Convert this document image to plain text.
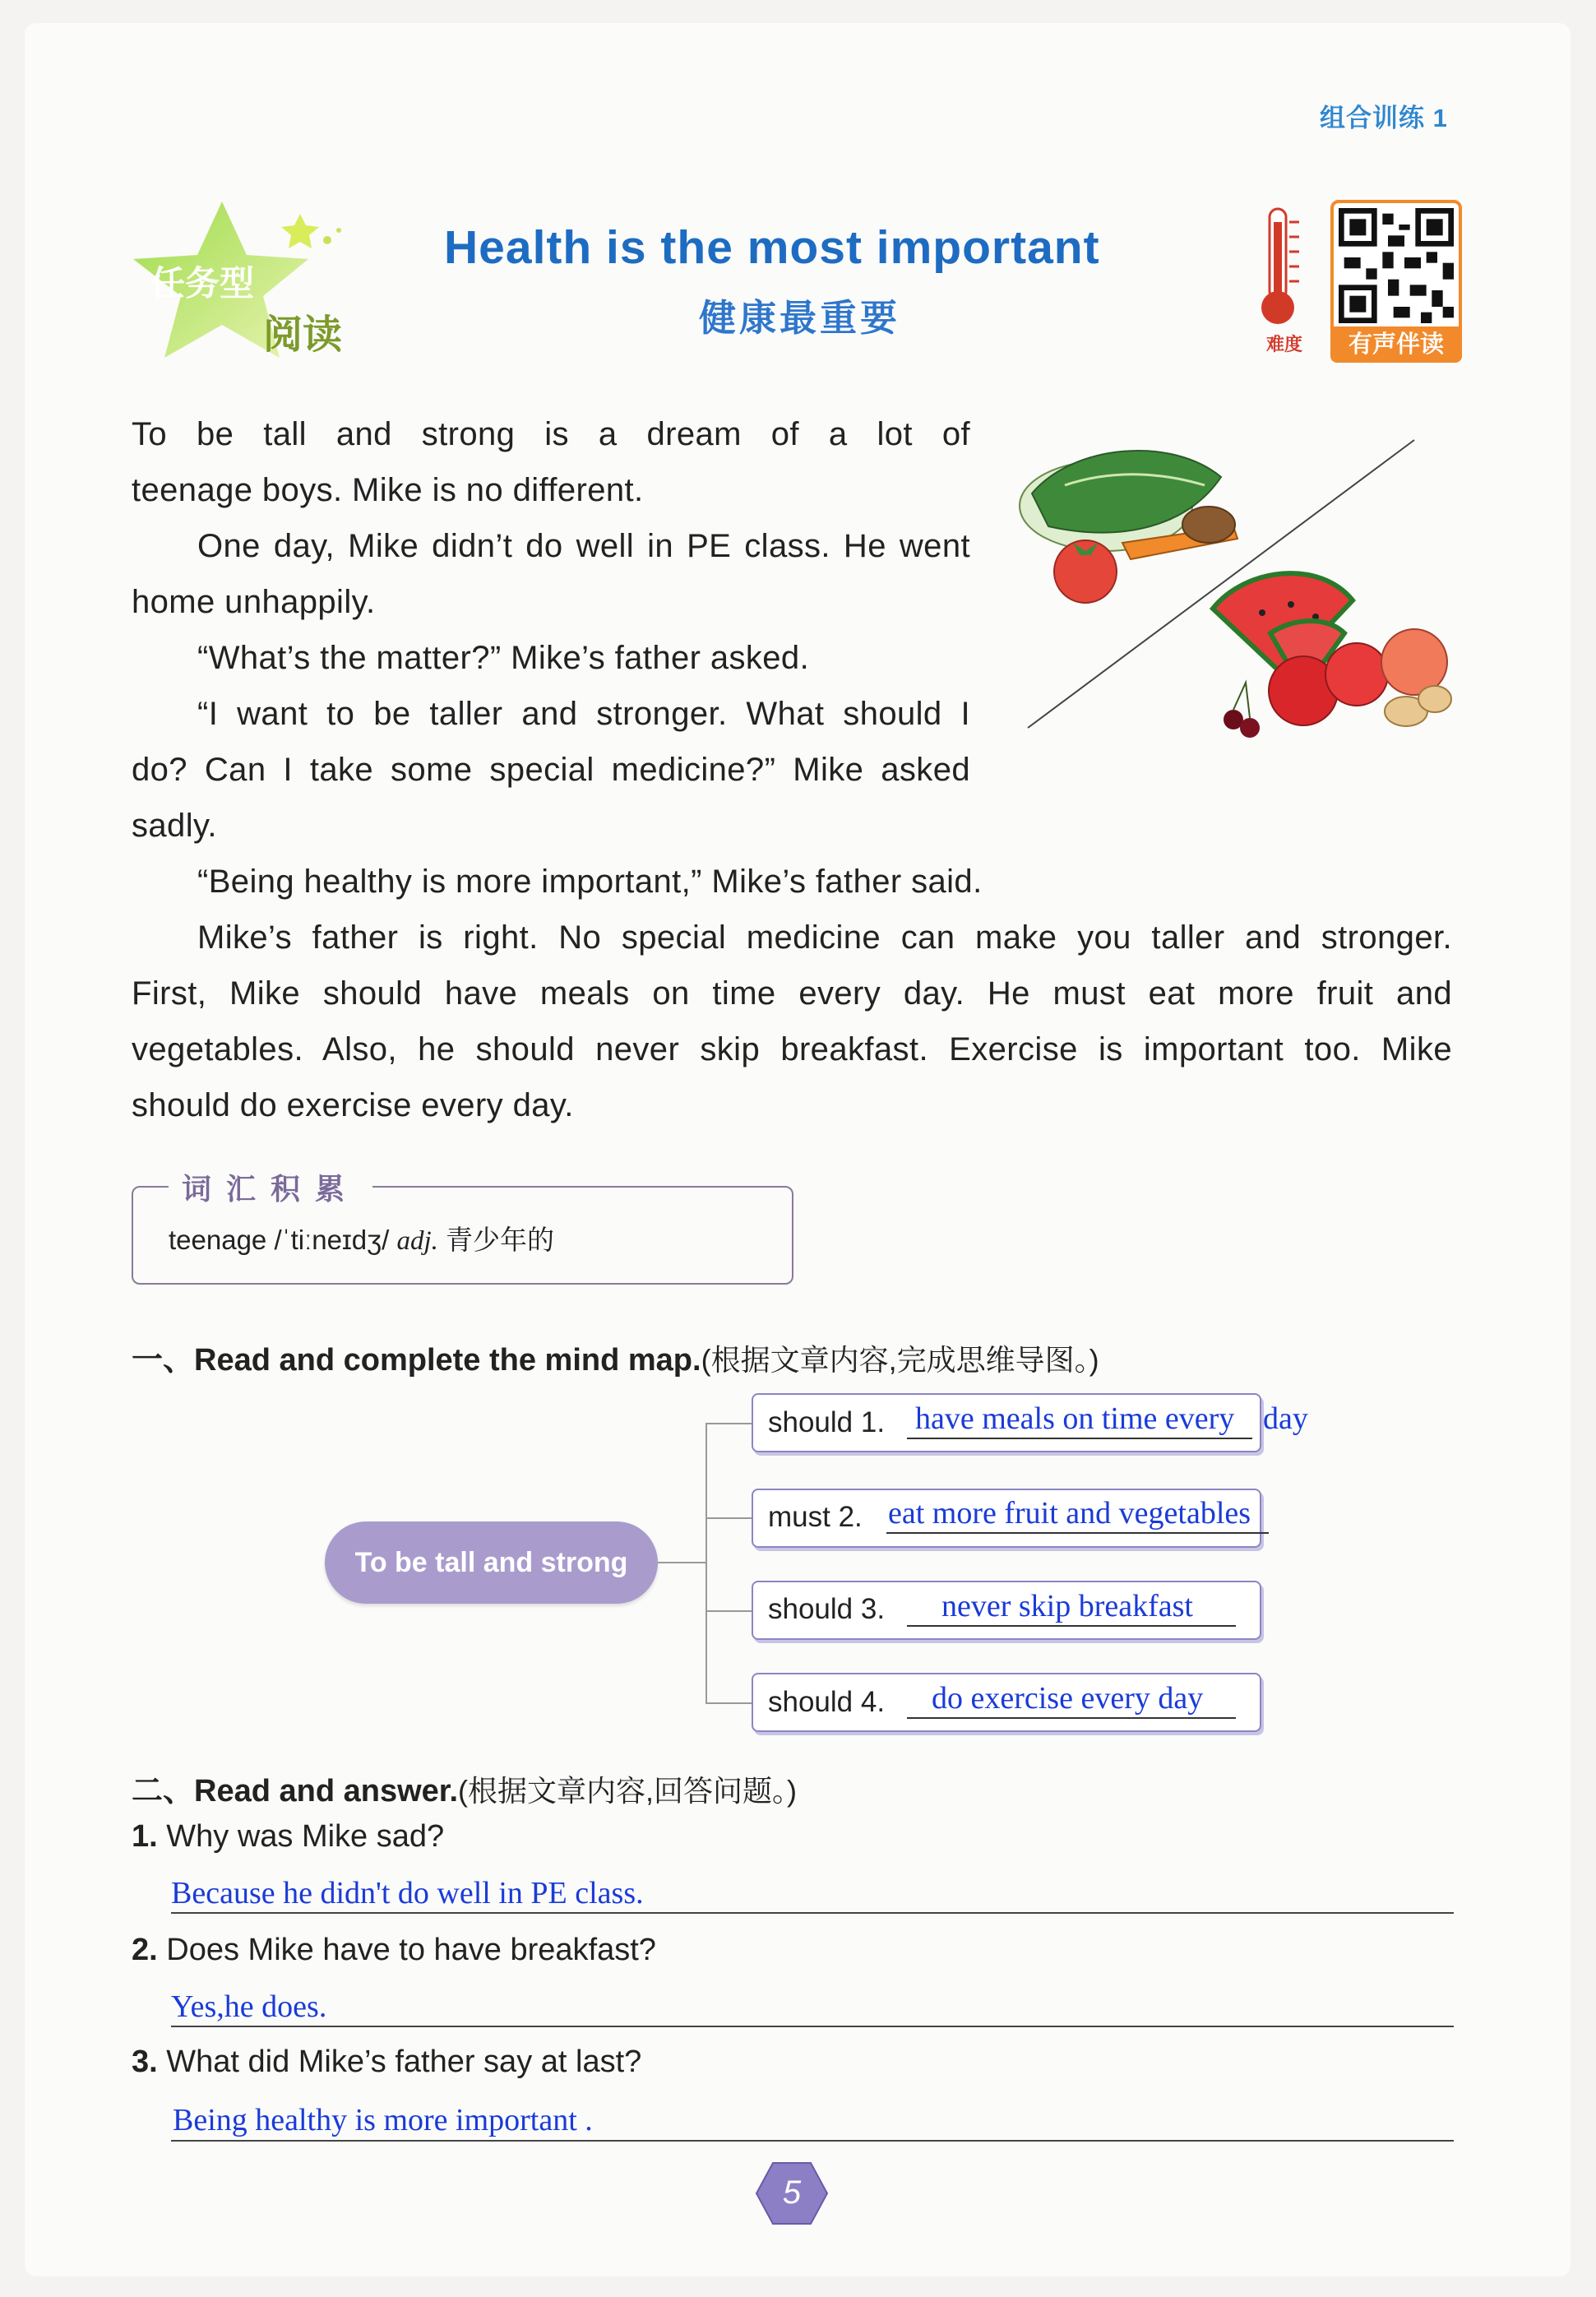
组合训练 1
任务型
阅读
Health is the most important
健康最重要
难度	有声伴读
To be tall and strong is a dream of a lot of
teenage boys. Mike is no different.
One day, Mike didn’t do well in PE class. He went
home unhappily.
“What’s the matter?” Mike’s father asked.
“I want to be taller and stronger. What should I
do? Can I take some special medicine?” Mike asked
sadly.
“Being healthy is more important,” Mike’s father said.
Mike’s father is right. No special medicine can make you taller and stronger.
First, Mike should have meals on time every day. He must eat more fruit and
vegetables. Also, he should never skip breakfast. Exercise is important too. Mike
should do exercise every day.
词汇积累
teenage /ˈtiːneɪdʒ/ adj. 青少年的
一、Read and complete the mind map.(根据文章内容,完成思维导图。)
To be tall and strong
should 1. have meals on time every day
must 2. eat more fruit and vegetables
should 3. never skip breakfast
should 4. do exercise every day
二、Read and answer.(根据文章内容,回答问题。)
1. Why was Mike sad?
Because he didn't do well in PE class.
2. Does Mike have to have breakfast?
Yes,he does.
3. What did Mike’s father say at last?
Being healthy is more important .
5
